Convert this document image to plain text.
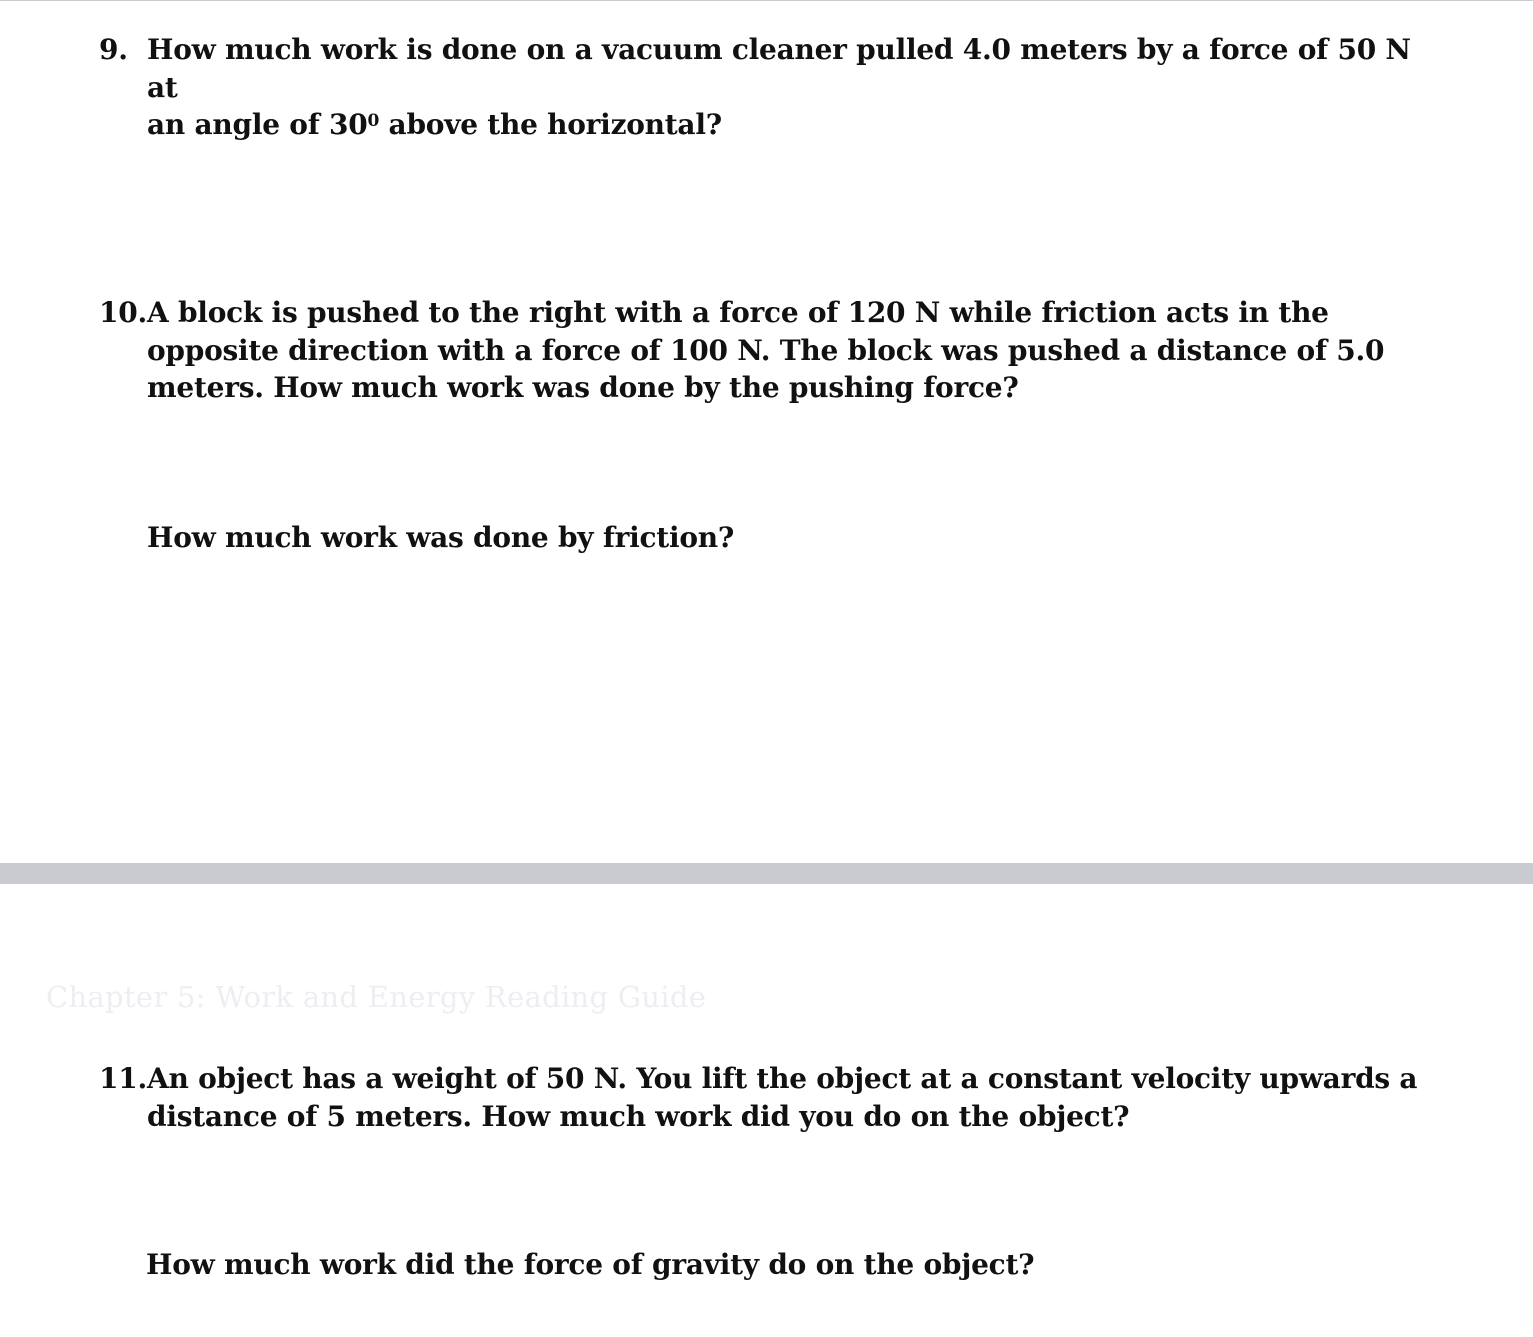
9. How much work is done on a vacuum cleaner pulled 4.0 meters by a force of 50 N at
an angle of $30^0$ above the horizontal?
10. A block is pushed to the right with a force of 120 N while friction acts in the
opposite direction with a force of 100 N. The block was pushed a distance of 5.0
meters. How much work was done by the pushing force?
How much work was done by friction?
Chapter 5: Work and Energy Reading Guide
11. An object has a weight of 50 N. You lift the object at a constant velocity upwards a
distance of 5 meters. How much work did you do on the object?
How much work did the force of gravity do on the object?
